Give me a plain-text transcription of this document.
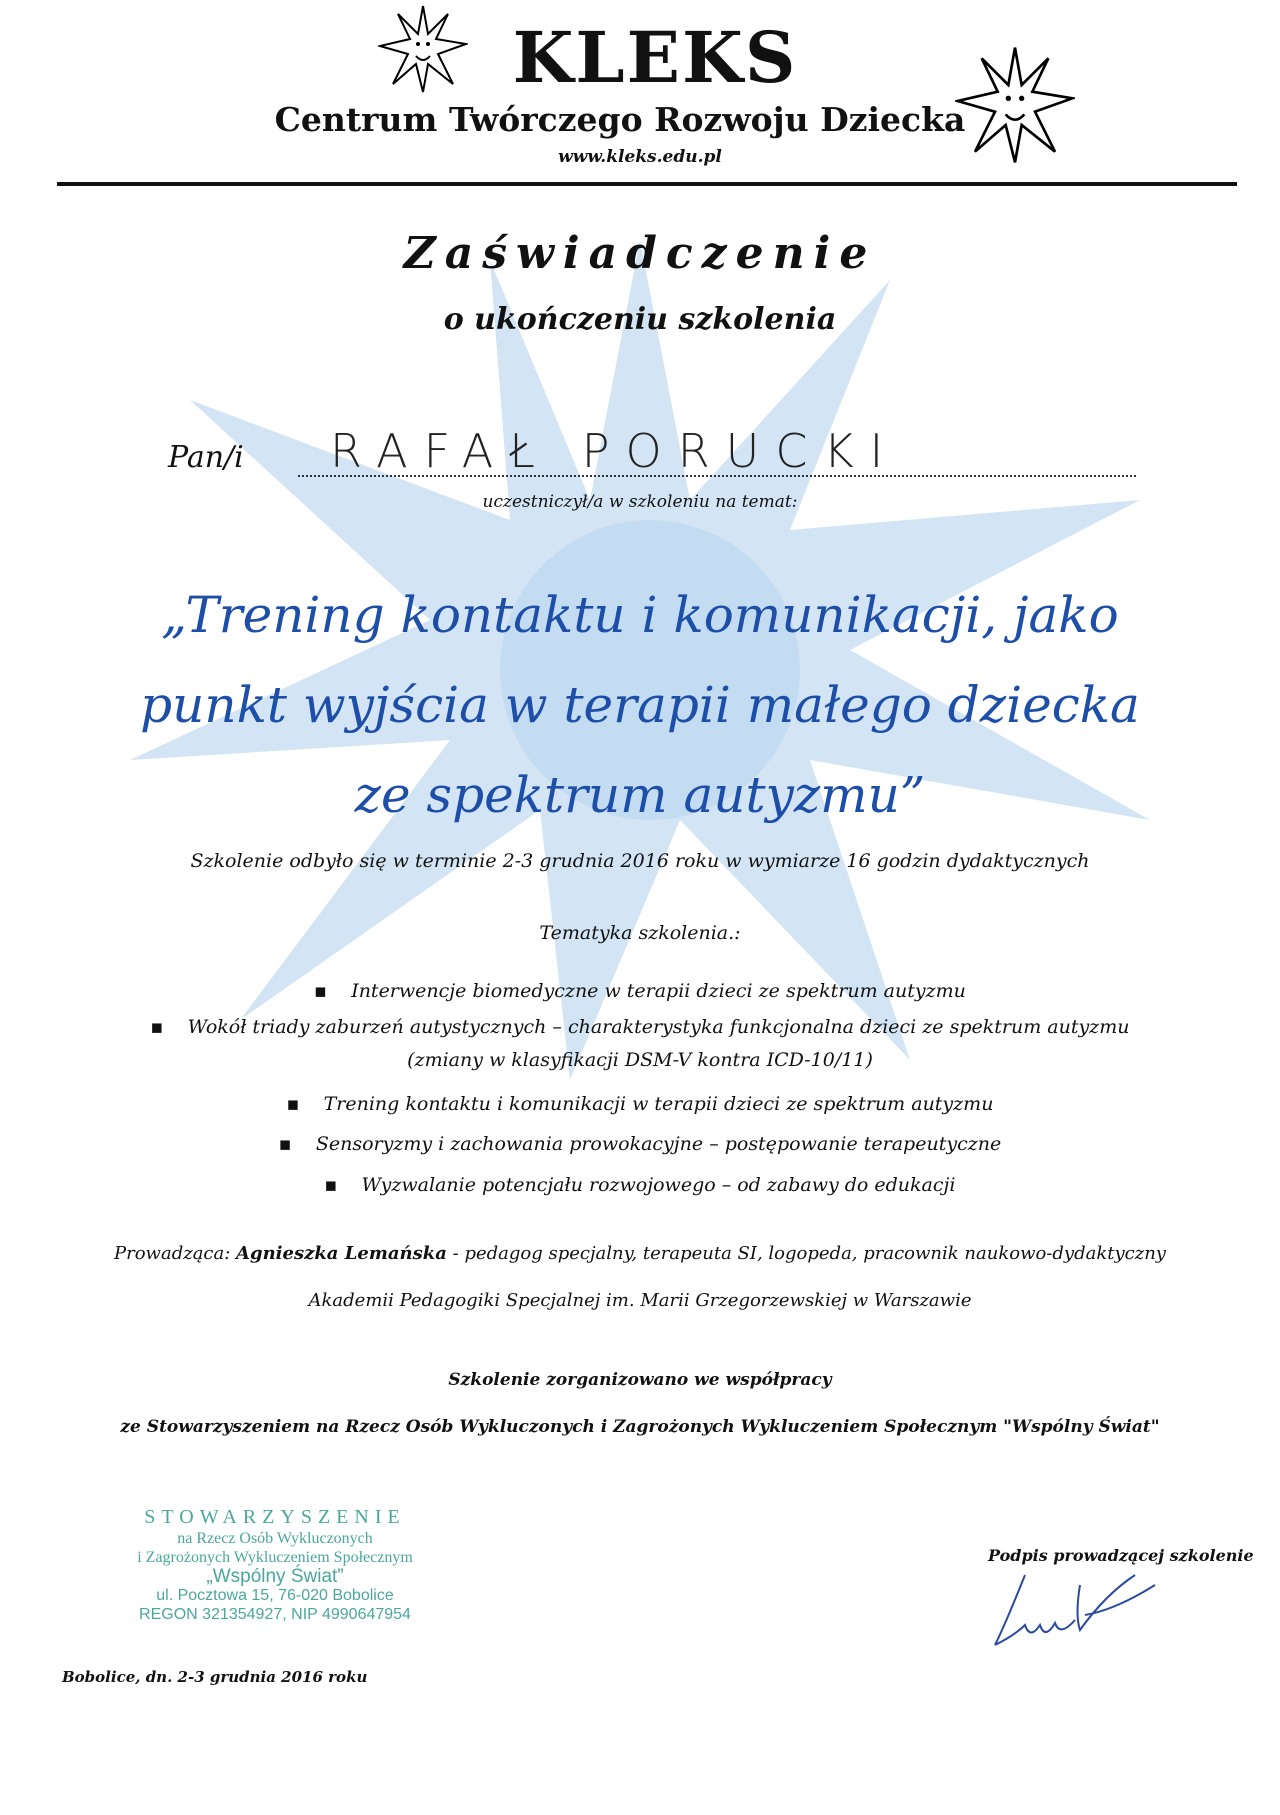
KLEKS
Centrum Twórczego Rozwoju Dziecka
www.kleks.edu.pl
Zaświadczenie
o ukończeniu szkolenia
Pan/i RAFAŁ PORUCKI
uczestniczył/a w szkoleniu na temat:
„Trening kontaktu i komunikacji, jako
punkt wyjścia w terapii małego dziecka
ze spektrum autyzmu”
Szkolenie odbyło się w terminie 2-3 grudnia 2016 roku w wymiarze 16 godzin dydaktycznych
Tematyka szkolenia.:
▪    Interwencje biomedyczne w terapii dzieci ze spektrum autyzmu
▪    Wokół triady zaburzeń autystycznych – charakterystyka funkcjonalna dzieci ze spektrum autyzmu
(zmiany w klasyfikacji DSM-V kontra ICD-10/11)
▪    Trening kontaktu i komunikacji w terapii dzieci ze spektrum autyzmu
▪    Sensoryzmy i zachowania prowokacyjne – postępowanie terapeutyczne
▪    Wyzwalanie potencjału rozwojowego – od zabawy do edukacji
Prowadząca: Agnieszka Lemańska - pedagog specjalny, terapeuta SI, logopeda, pracownik naukowo-dydaktyczny
Akademii Pedagogiki Specjalnej im. Marii Grzegorzewskiej w Warszawie
Szkolenie zorganizowano we współpracy
ze Stowarzyszeniem na Rzecz Osób Wykluczonych i Zagrożonych Wykluczeniem Społecznym "Wspólny Świat"
STOWARZYSZENIE
na Rzecz Osób Wykluczonych
i Zagrożonych Wykluczeniem Społecznym
„Wspólny Świat”
ul. Pocztowa 15, 76-020 Bobolice
REGON 321354927, NIP 4990647954
Podpis prowadzącej szkolenie
Bobolice, dn. 2-3 grudnia 2016 roku
